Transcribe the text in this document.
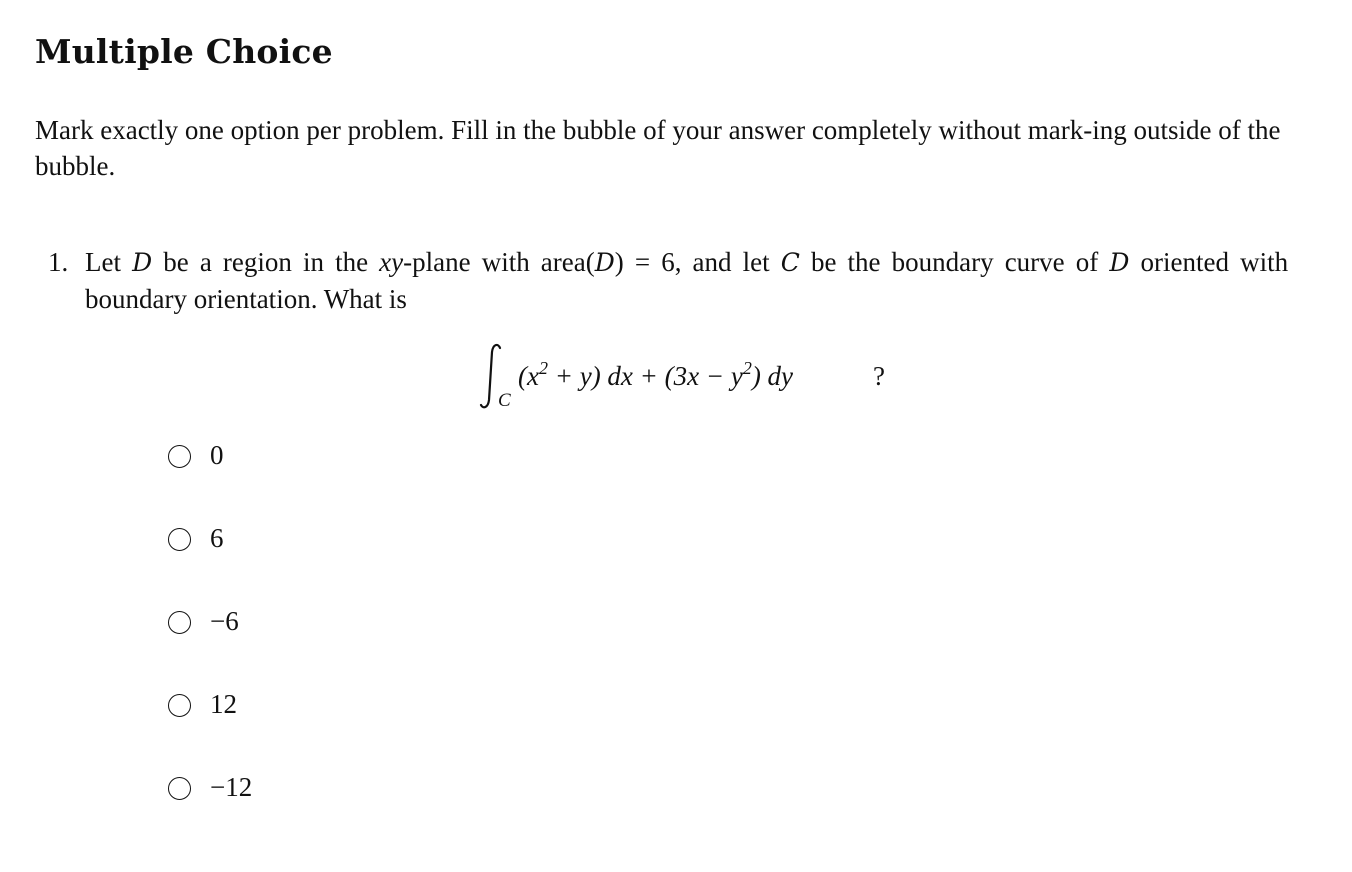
Multiple Choice

Mark exactly one option per problem. Fill in the bubble of your answer completely without mark-ing outside of the bubble.

1. Let D be a region in the xy-plane with area(D) = 6, and let C be the boundary curve of D oriented with boundary orientation. What is
C
$(x^2 + y)$ dx + $(3x - y^2)$ dy	?
0
6
−6
12
−12
